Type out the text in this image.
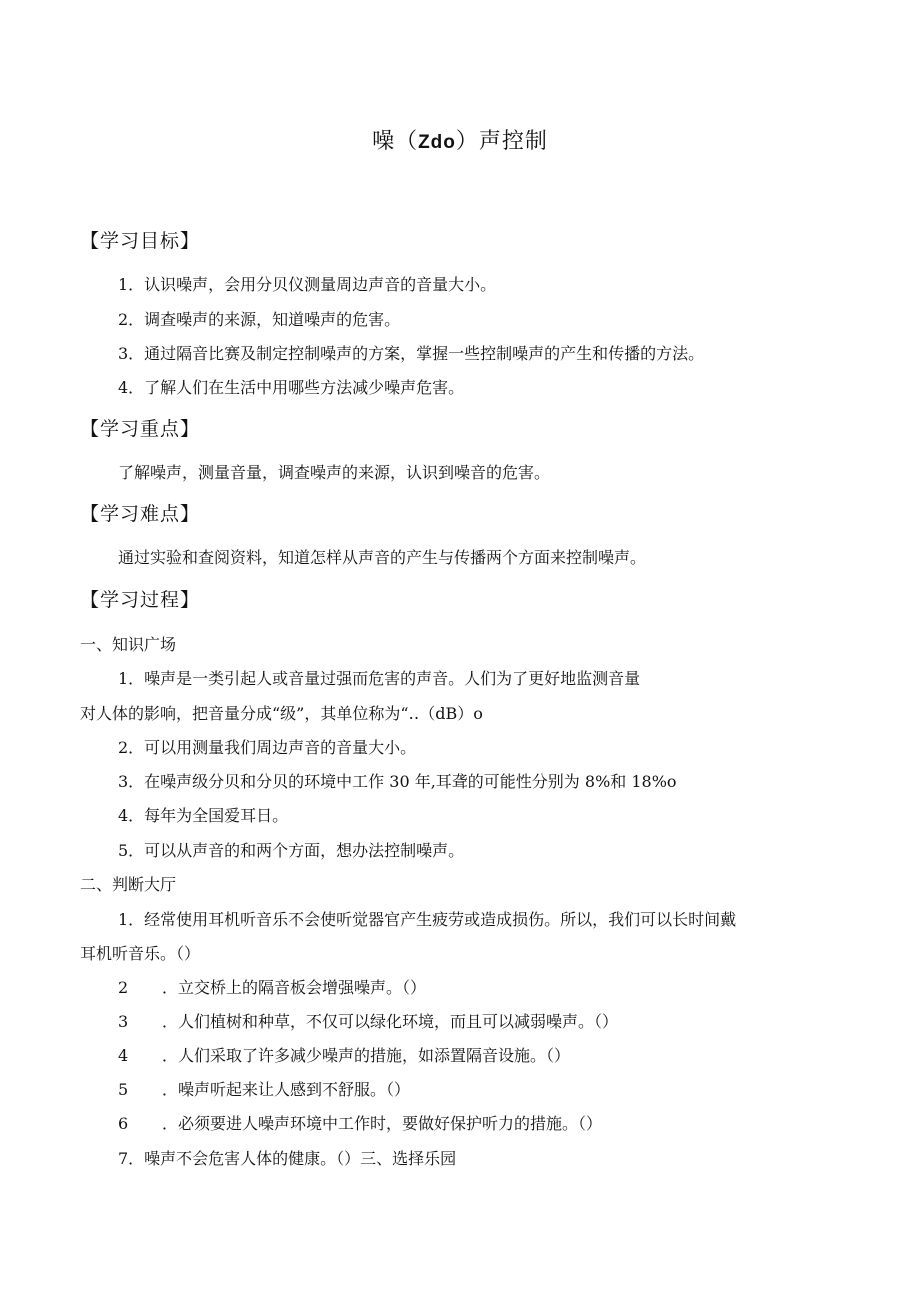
噪（Zdo）声控制
【学习目标】
1．认识噪声，会用分贝仪测量周边声音的音量大小。
2．调查噪声的来源，知道噪声的危害。
3．通过隔音比赛及制定控制噪声的方案，掌握一些控制噪声的产生和传播的方法。
4．了解人们在生活中用哪些方法减少噪声危害。
【学习重点】
了解噪声，测量音量，调查噪声的来源，认识到噪音的危害。
【学习难点】
通过实验和查阅资料，知道怎样从声音的产生与传播两个方面来控制噪声。
【学习过程】
一、知识广场
1．噪声是一类引起人或音量过强而危害的声音。人们为了更好地监测音量
对人体的影响，把音量分成“级”，其单位称为“‥（dB）o
2．可以用测量我们周边声音的音量大小。
3．在噪声级分贝和分贝的环境中工作 30 年,耳聋的可能性分别为 8%和 18%o
4．每年为全国爱耳日。
5．可以从声音的和两个方面，想办法控制噪声。
二、判断大厅
1．经常使用耳机听音乐不会使听觉器官产生疲劳或造成损伤。所以，我们可以长时间戴
耳机听音乐。（）
2 ．立交桥上的隔音板会增强噪声。（）
3 ．人们植树和种草，不仅可以绿化环境，而且可以减弱噪声。（）
4 ．人们采取了许多减少噪声的措施，如添置隔音设施。（）
5 ．噪声听起来让人感到不舒服。（）
6 ．必须要进人噪声环境中工作时，要做好保护听力的措施。（）
7．噪声不会危害人体的健康。（）三、选择乐园
